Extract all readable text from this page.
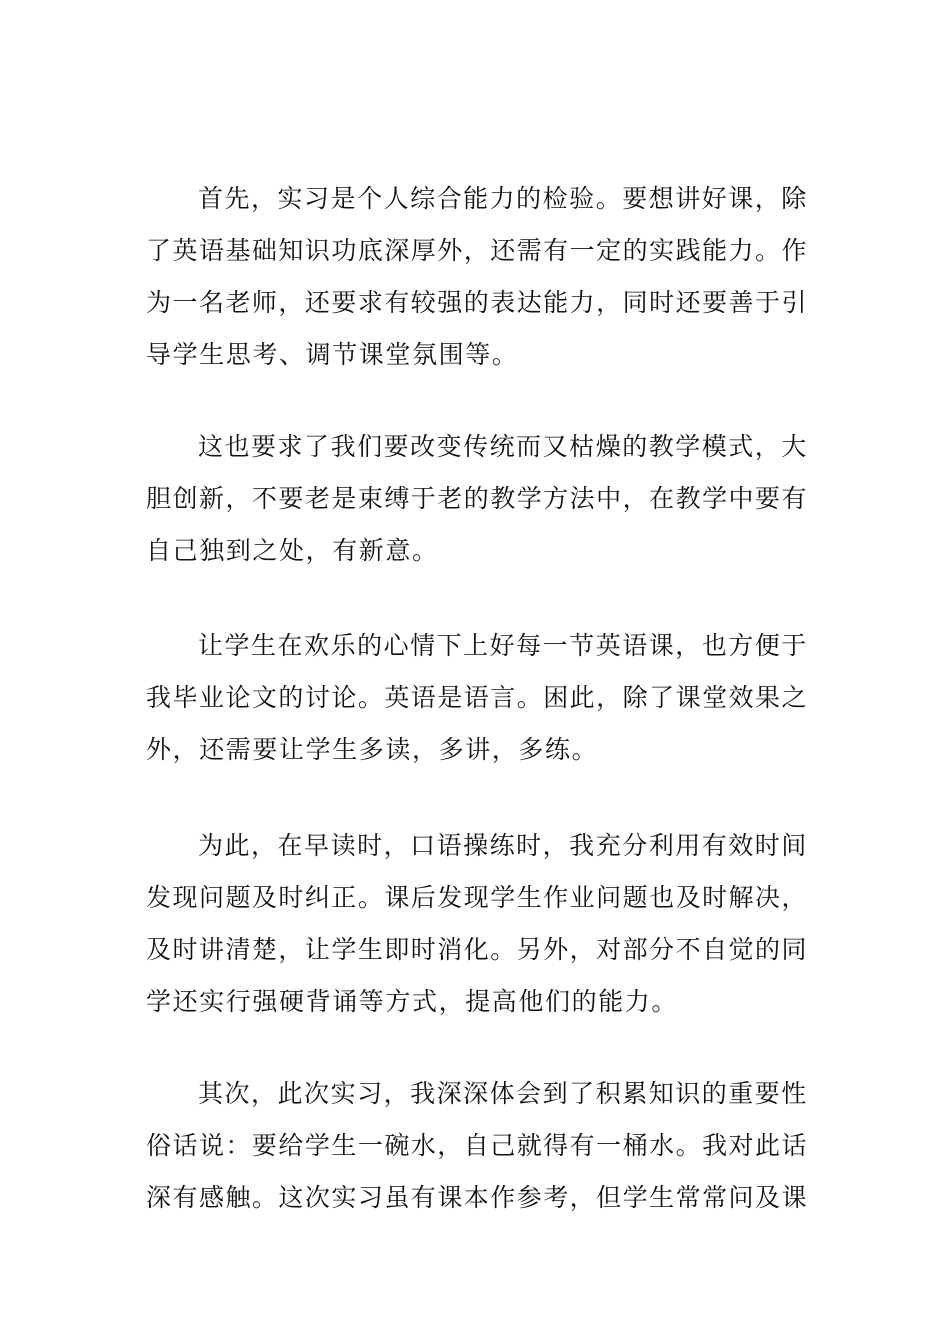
首先，实习是个人综合能力的检验。要想讲好课，除
了英语基础知识功底深厚外，还需有一定的实践能力。作
为一名老师，还要求有较强的表达能力，同时还要善于引
导学生思考、调节课堂氛围等。
这也要求了我们要改变传统而又枯燥的教学模式，大
胆创新，不要老是束缚于老的教学方法中，在教学中要有
自己独到之处，有新意。
让学生在欢乐的心情下上好每一节英语课，也方便于
我毕业论文的讨论。英语是语言。困此，除了课堂效果之
外，还需要让学生多读，多讲，多练。
为此，在早读时，口语操练时，我充分利用有效时间
发现问题及时纠正。课后发现学生作业问题也及时解决，
及时讲清楚，让学生即时消化。另外，对部分不自觉的同
学还实行强硬背诵等方式，提高他们的能力。
其次，此次实习，我深深体会到了积累知识的重要性
俗话说：要给学生一碗水，自己就得有一桶水。我对此话
深有感触。这次实习虽有课本作参考，但学生常常问及课
